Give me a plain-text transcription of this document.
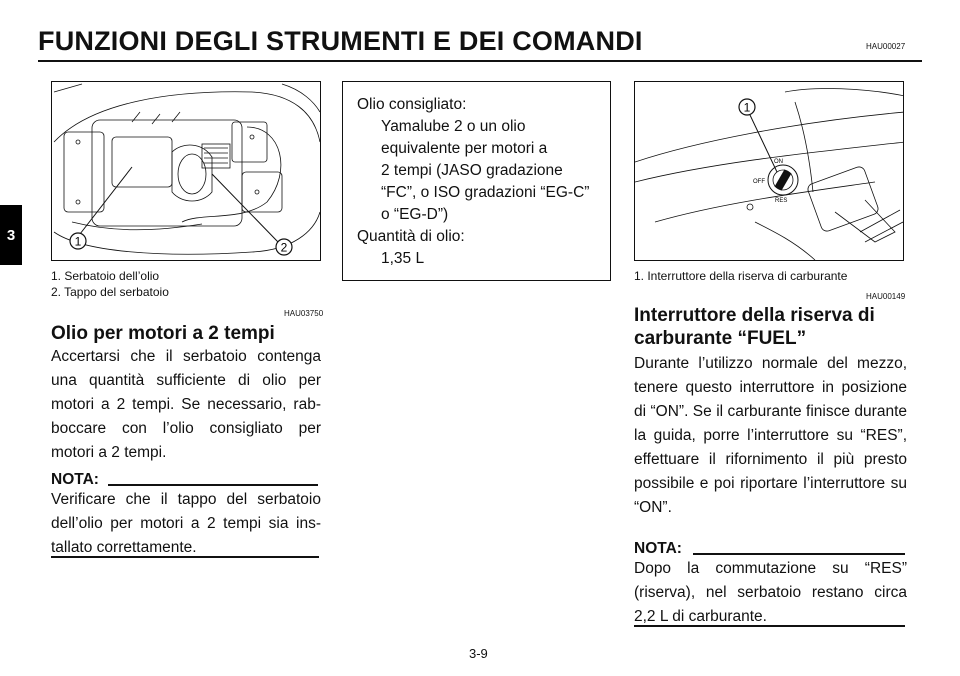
FUNZIONI DEGLI STRUMENTI E DEI COMANDI	HAU00027
3	1	2
1. Serbatoio dell’olio
2. Tappo del serbatoio
HAU03750
Olio per motori a 2 tempi
Accertarsi che il serbatoio contenga una quantità sufficiente di olio per motori a 2 tempi. Se necessario, rabboccare con l’olio consigliato per motori a 2 tempi.
NOTA:
Verificare che il tappo del serbatoio dell’olio per motori a 2 tempi sia installato correttamente.
Olio consigliato:
Yamalube 2 o un olio
equivalente per motori a
2 tempi (JASO gradazione
“FC”, o ISO gradazioni “EG-C”
o “EG-D”)
Quantità di olio:
1,35 L
ON
OFF
RES
1
1. Interruttore della riserva di carburante
HAU00149
Interruttore della riserva di
carburante “FUEL”
Durante l’utilizzo normale del mezzo, tenere questo interruttore in posizione di “ON”. Se il carburante finisce durante la guida, porre l’interruttore su “RES”, effettuare il rifornimento il più presto possibile e poi riportare l’interruttore su “ON”.
NOTA:
Dopo la commutazione su “RES” (riserva), nel serbatoio restano circa 2,2 L di carburante.
3-9
